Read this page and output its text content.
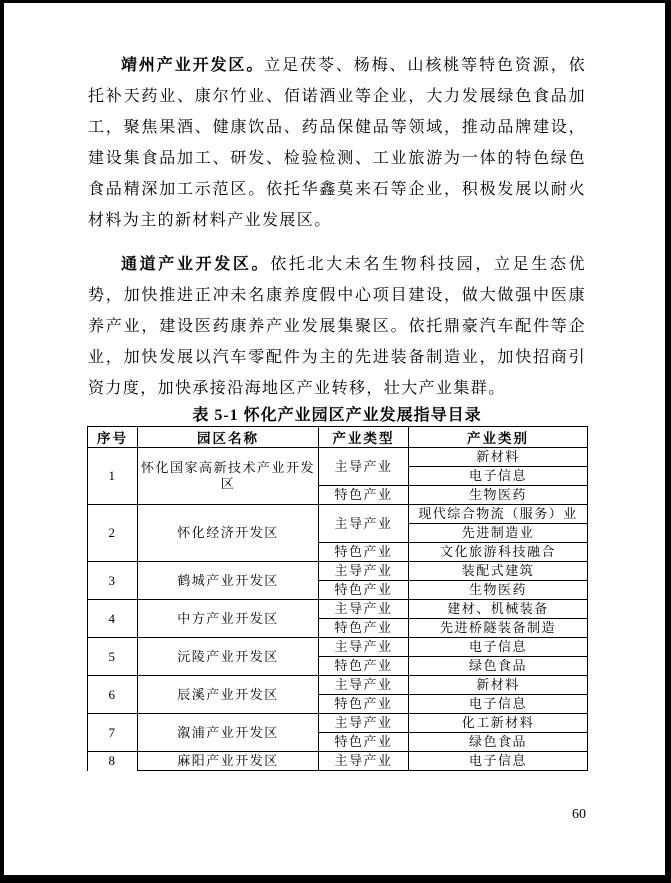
靖州产业开发区。立足茯苓、杨梅、山核桃等特色资源，依托补天药业、康尔竹业、佰诺酒业等企业，大力发展绿色食品加工，聚焦果酒、健康饮品、药品保健品等领域，推动品牌建设，建设集食品加工、研发、检验检测、工业旅游为一体的特色绿色食品精深加工示范区。依托华鑫莫来石等企业，积极发展以耐火材料为主的新材料产业发展区。

通道产业开发区。依托北大未名生物科技园，立足生态优势，加快推进正冲未名康养度假中心项目建设，做大做强中医康养产业，建设医药康养产业发展集聚区。依托鼎豪汽车配件等企业，加快发展以汽车零配件为主的先进装备制造业，加快招商引资力度，加快承接沿海地区产业转移，壮大产业集群。

表 5-1 怀化产业园区产业发展指导目录

序号	园区名称	产业类型	产业类别
1	怀化国家高新技术产业开发区	主导产业	新材料
			电子信息
		特色产业	生物医药
2	怀化经济开发区	主导产业	现代综合物流（服务）业
			先进制造业
		特色产业	文化旅游科技融合
3	鹤城产业开发区	主导产业	装配式建筑
		特色产业	生物医药
4	中方产业开发区	主导产业	建材、机械装备
		特色产业	先进桥隧装备制造
5	沅陵产业开发区	主导产业	电子信息
		特色产业	绿色食品
6	辰溪产业开发区	主导产业	新材料
		特色产业	电子信息
7	溆浦产业开发区	主导产业	化工新材料
		特色产业	绿色食品
8	麻阳产业开发区	主导产业	电子信息
60
